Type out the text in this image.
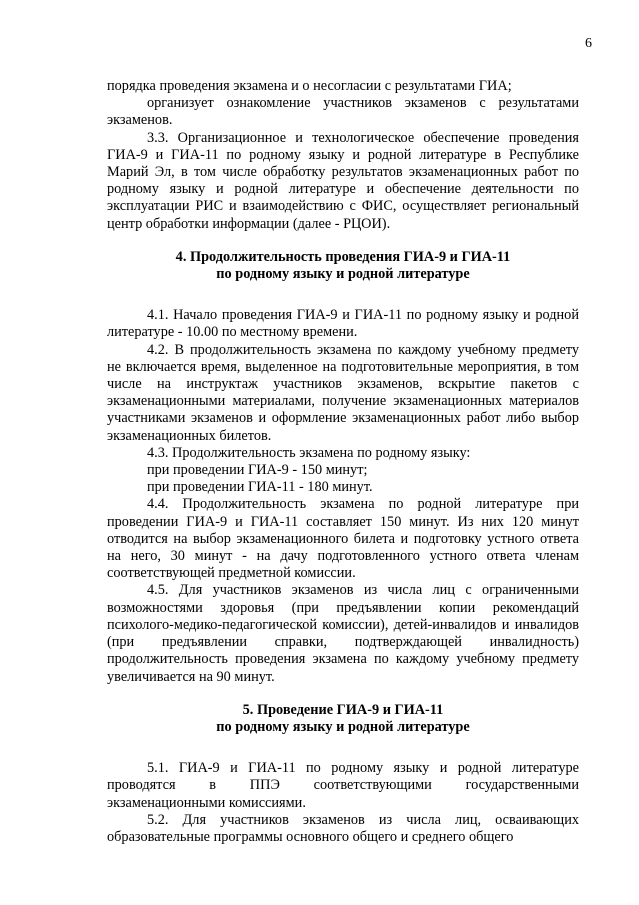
6

порядка проведения экзамена и о несогласии с результатами ГИА;

организует ознакомление участников экзаменов с результатами экзаменов.

3.3. Организационное и технологическое обеспечение проведения ГИА-9 и ГИА-11 по родному языку и родной литературе в Республике Марий Эл, в том числе обработку результатов экзаменационных работ по родному языку и родной литературе и обеспечение деятельности по эксплуатации РИС и взаимодействию с ФИС, осуществляет региональный центр обработки информации (далее - РЦОИ).

4. Продолжительность проведения ГИА-9 и ГИА-11

по родному языку и родной литературе

4.1. Начало проведения ГИА-9 и ГИА-11 по родному языку и родной литературе - 10.00 по местному времени.

4.2. В продолжительность экзамена по каждому учебному предмету не включается время, выделенное на подготовительные мероприятия, в том числе на инструктаж участников экзаменов, вскрытие пакетов с экзаменационными материалами, получение экзаменационных материалов участниками экзаменов и оформление экзаменационных работ либо выбор экзаменационных билетов.

4.3. Продолжительность экзамена по родному языку:

при проведении ГИА-9 - 150 минут;

при проведении ГИА-11 - 180 минут.

4.4. Продолжительность экзамена по родной литературе при проведении ГИА-9 и ГИА-11 составляет 150 минут. Из них 120 минут отводится на выбор экзаменационного билета и подготовку устного ответа на него, 30 минут - на дачу подготовленного устного ответа членам соответствующей предметной комиссии.

4.5. Для участников экзаменов из числа лиц с ограниченными возможностями здоровья (при предъявлении копии рекомендаций психолого-медико-педагогической комиссии), детей-инвалидов и инвалидов (при предъявлении справки, подтверждающей инвалидность) продолжительность проведения экзамена по каждому учебному предмету увеличивается на 90 минут.

5. Проведение ГИА-9 и ГИА-11

по родному языку и родной литературе

5.1. ГИА-9 и ГИА-11 по родному языку и родной литературе проводятся в ППЭ соответствующими государственными экзаменационными комиссиями.

5.2. Для участников экзаменов из числа лиц, осваивающих образовательные программы основного общего и среднего общего
